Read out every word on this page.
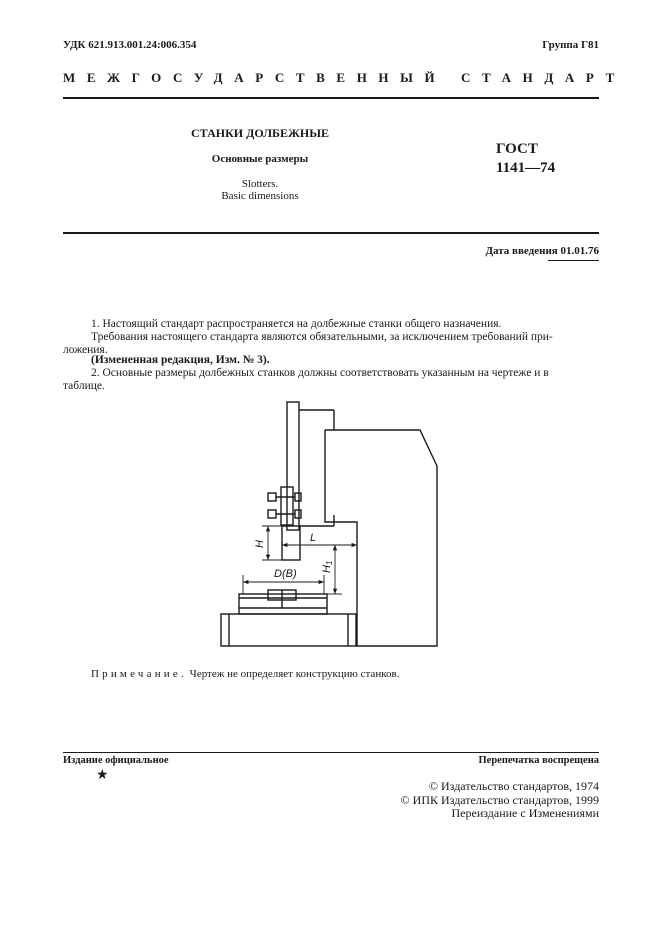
УДК 621.913.001.24:006.354	Группа Г81
МЕЖГОСУДАРСТВЕННЫЙ СТАНДАРТ
СТАНКИ ДОЛБЕЖНЫЕ
Основные размеры
Slotters.
Basic dimensions
ГОСТ
1141—74
Дата введения 01.01.76
1. Настоящий стандарт распространяется на долбежные станки общего назначения.
Требования настоящего стандарта являются обязательными, за исключением требований при-
ложения.
(Измененная редакция, Изм. № 3).
2. Основные размеры долбежных станков должны соответствовать указанным на чертеже и в
таблице.
L
H
H1
D(B)
Примечание. Чертеж не определяет конструкцию станков.
Издание официальное
★
Перепечатка воспрещена
© Издательство стандартов, 1974
© ИПК Издательство стандартов, 1999
Переиздание с Изменениями
